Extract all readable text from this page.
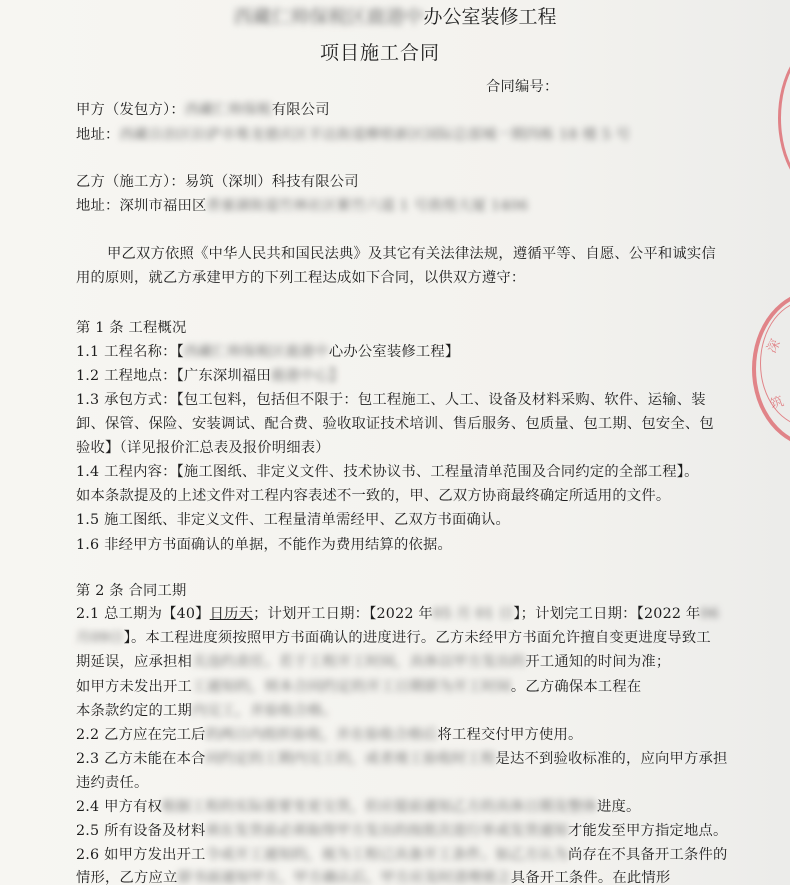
西藏仁帅保税区鹿港中办公室装修工程
项目施工合同
合同编号：
甲方（发包方）：西藏仁帅保税有限公司
地址：西藏自治区拉萨市堆龙德庆区羊达街道柳梧新区国际总部城一期四栋 18 楼 5 号
乙方（施工方）：易筑（深圳）科技有限公司
地址：深圳市福田区香蜜湖街道竹林社区紫竹六道 1 号敦煌大厦 1406
甲乙双方依照《中华人民共和国民法典》及其它有关法律法规，遵循平等、自愿、公平和诚实信
用的原则，就乙方承建甲方的下列工程达成如下合同，以供双方遵守：
第 1 条 工程概况
1.1 工程名称：【西藏仁帅保税区鹿港中心办公室装修工程】
1.2 工程地点：【广东深圳福田鹿港中心】
1.3 承包方式：【包工包料，包括但不限于：包工程施工、人工、设备及材料采购、软件、运输、装
卸、保管、保险、安装调试、配合费、验收取证技术培训、售后服务、包质量、包工期、包安全、包
验收】（详见报价汇总表及报价明细表）
1.4 工程内容：【施工图纸、非定义文件、技术协议书、工程量清单范围及合同约定的全部工程】。
如本条款提及的上述文件对工程内容表述不一致的，甲、乙双方协商最终确定所适用的文件。
1.5 施工图纸、非定义文件、工程量清单需经甲、乙双方书面确认。
1.6 非经甲方书面确认的单据，不能作为费用结算的依据。
第 2 条 合同工期
2.1 总工期为【40】日历天；计划开工日期：【2022 年05 月 01 日】；计划完工日期：【2022 年06
月09日】。本工程进度须按照甲方书面确认的进度进行。乙方未经甲方书面允许擅自变更进度导致工
期延误，应承担相关违约责任。若于工程开工时间，具体以甲方发出的开工通知的时间为准；
如甲方未发出开工工通知的，则本合同约定的开工日期即为开工时间。乙方确保本工程在
本条款约定的工期内完工，并验收合格。
2.2 乙方应在完工后的两日内组织验收，并在验收合格后将工程交付甲方使用。
2.3 乙方未能在本合同约定的工期内完工的，或者竣工验收时工程是达不到验收标准的，应向甲方承担
违约责任。
2.4 甲方有权根据工程的实际需要变更交货，但应提前通知乙方的具体日期及整体进度。
2.5 所有设备及材料须在发货前必须取得甲方发出的按批次进行单或发货通知才能发至甲方指定地点。
2.6 如甲方发出开工令或开工通知的，视为工程已具备开工条件。如乙方认为尚存在不具备开工条件的
情形，乙方应立即书面通知甲方，甲方确认后，甲方应及时清理使之具备开工条件。在此情形
深
筑
